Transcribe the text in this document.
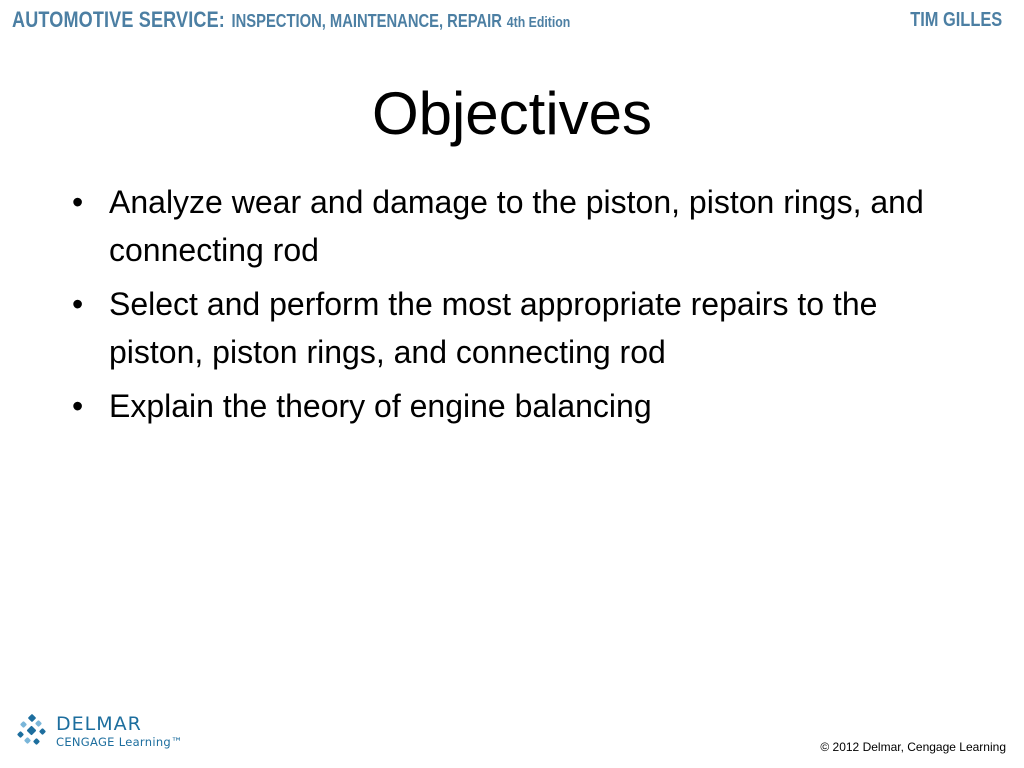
AUTOMOTIVE SERVICE: INSPECTION, MAINTENANCE, REPAIR 4th Edition	TIM GILLES
Objectives
• Analyze wear and damage to the piston, piston rings, and connecting rod
• Select and perform the most appropriate repairs to the piston, piston rings, and connecting rod
• Explain the theory of engine balancing
DELMAR
CENGAGE Learning™	© 2012 Delmar, Cengage Learning
